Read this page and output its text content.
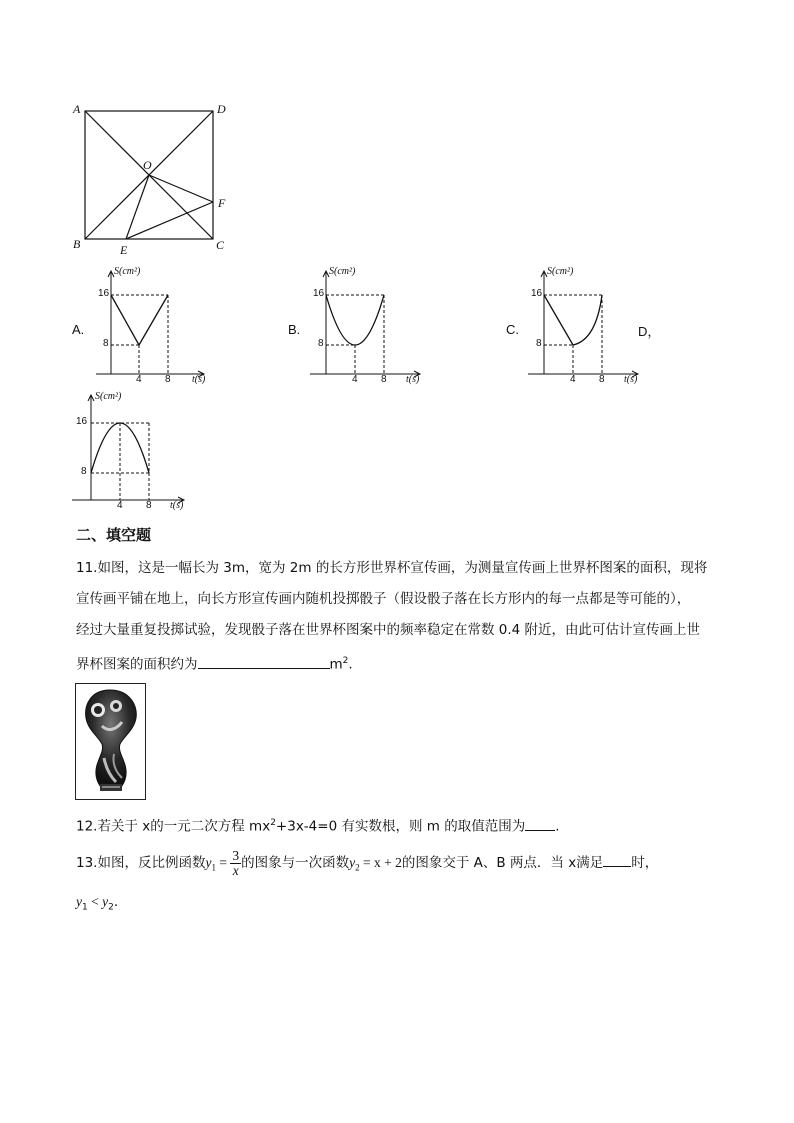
A	D
O
F
B	E	C
A.
S(cm²)
16
8
4 8 t(s)
B.
S(cm²)
16
8
4 8 t(s)
C.
S(cm²)
16
8
4 8 t(s)
D，
S(cm²)
16
8
4 8 t(s)
二、填空题
11.如图，这是一幅长为 3m，宽为 2m 的长方形世界杯宣传画，为测量宣传画上世界杯图案的面积，现将
宣传画平铺在地上，向长方形宣传画内随机投掷骰子（假设骰子落在长方形内的每一点都是等可能的），
经过大量重复投掷试验，发现骰子落在世界杯图案中的频率稳定在常数 0.4 附近，由此可估计宣传画上世
界杯图案的面积约为	$m^2$.
12.若关于 x的一元二次方程 $mx^2+3x-4=0$ 有实数根，则 m 的取值范围为 .
13.如图，反比例函数$y_1 = \frac{3}{x}$ 的图象与一次函数$y_2 = x + 2$的图象交于 A、B 两点．当 x满足 时，
$y_1 < y_2$.
